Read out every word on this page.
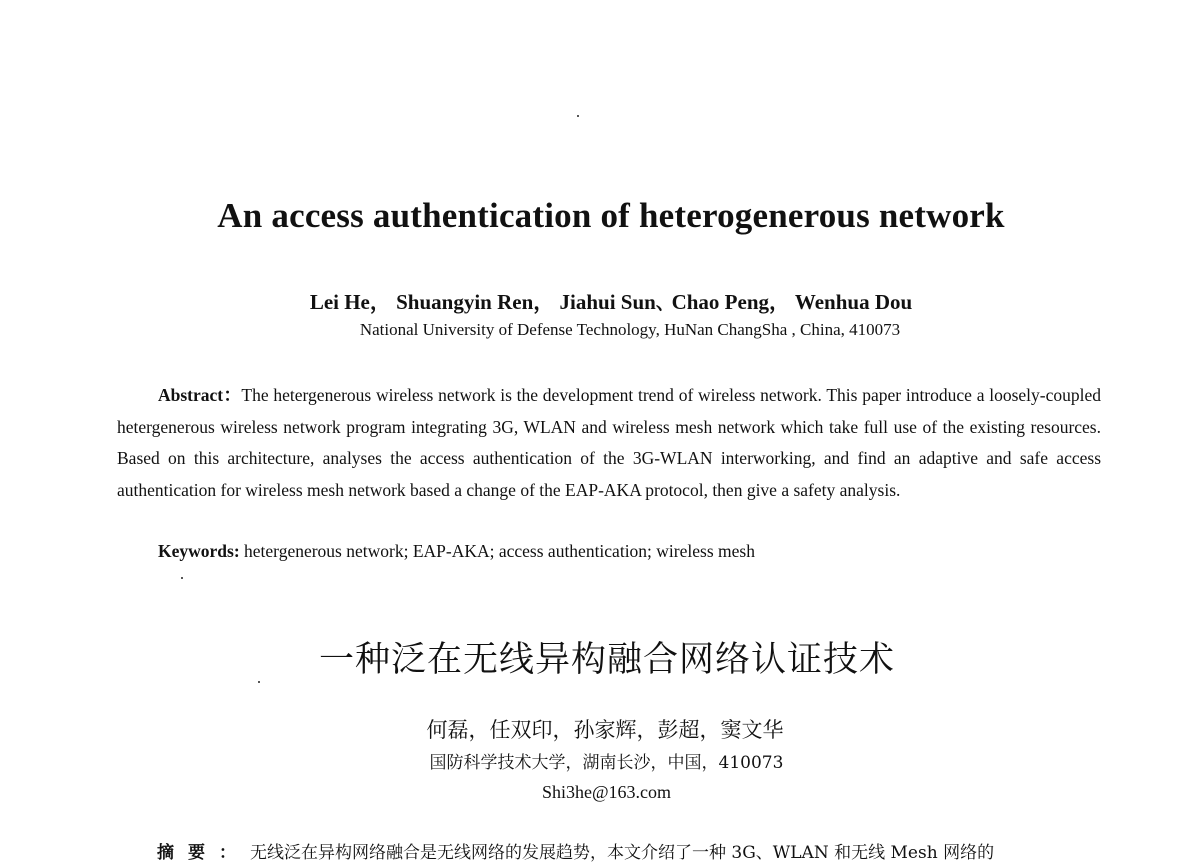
An access authentication of heterogenerous network
Lei He， Shuangyin Ren， Jiahui Sun､ Chao Peng， Wenhua Dou
National University of Defense Technology, HuNan ChangSha , China, 410073

Abstract：The hetergenerous wireless network is the development trend of wireless network. This paper introduce a loosely-coupled hetergenerous wireless network program integrating 3G, WLAN and wireless mesh network which take full use of the existing resources. Based on this architecture, analyses the access authentication of the 3G-WLAN interworking, and find an adaptive and safe access authentication for wireless mesh network based a change of the EAP-AKA protocol, then give a safety analysis.

Keywords: hetergenerous network; EAP-AKA; access authentication; wireless mesh

一种泛在无线异构融合网络认证技术
何磊，任双印，孙家辉，彭超，窦文华
国防科学技术大学，湖南长沙，中国，410073
Shi3he@163.com

摘要：无线泛在异构网络融合是无线网络的发展趋势，本文介绍了一种 3G、WLAN 和无线 Mesh 网络的
